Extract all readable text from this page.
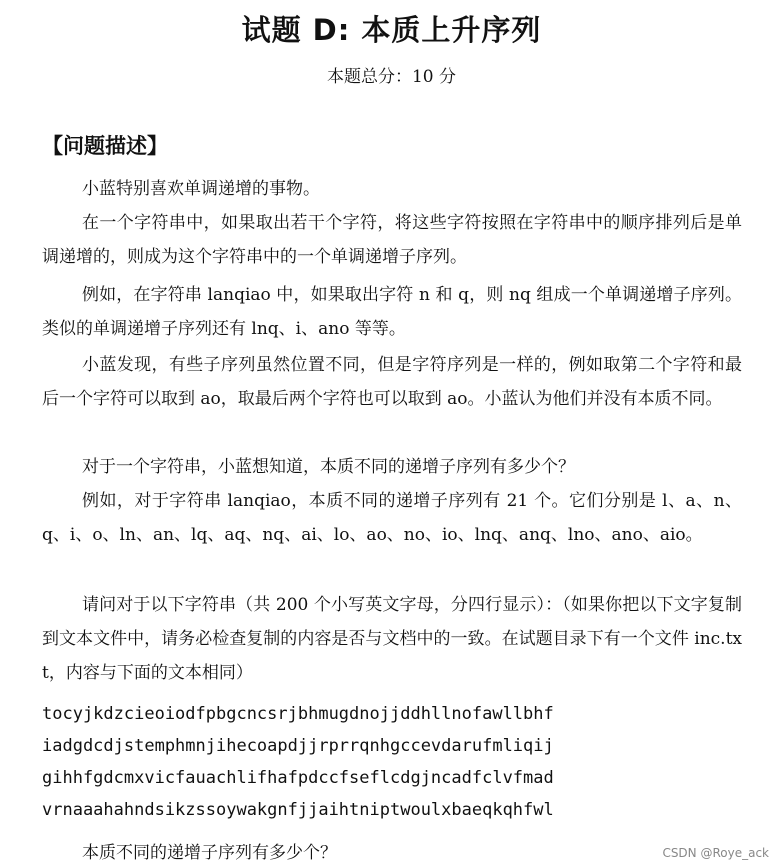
试题 D: 本质上升序列

本题总分：10 分

【问题描述】

小蓝特别喜欢单调递增的事物。

在一个字符串中，如果取出若干个字符，将这些字符按照在字符串中的顺序排列后是单调递增的，则成为这个字符串中的一个单调递增子序列。

例如，在字符串 lanqiao 中，如果取出字符 n 和 q，则 nq 组成一个单调递增子序列。类似的单调递增子序列还有 lnq、i、ano 等等。

小蓝发现，有些子序列虽然位置不同，但是字符序列是一样的，例如取第二个字符和最后一个字符可以取到 ao，取最后两个字符也可以取到 ao。小蓝认为他们并没有本质不同。

对于一个字符串，小蓝想知道，本质不同的递增子序列有多少个？

例如，对于字符串 lanqiao，本质不同的递增子序列有 21 个。它们分别是 l、a、n、q、i、o、ln、an、lq、aq、nq、ai、lo、ao、no、io、lnq、anq、lno、ano、aio。

请问对于以下字符串（共 200 个小写英文字母，分四行显示）：（如果你把以下文字复制到文本文件中，请务必检查复制的内容是否与文档中的一致。在试题目录下有一个文件 inc.txt，内容与下面的文本相同）

tocyjkdzcieoiodfpbgcncsrjbhmugdnojjddhllnofawllbhf
iadgdcdjstemphmnjihecoapdjjrprrqnhgccevdarufmliqij
gihhfgdcmxvicfauachlifhafpdccfseflcdgjncadfclvfmad
vrnaaahahndsikzssoywakgnfjjaihtniptwoulxbaeqkqhfwl

本质不同的递增子序列有多少个？	CSDN @Roye_ack
